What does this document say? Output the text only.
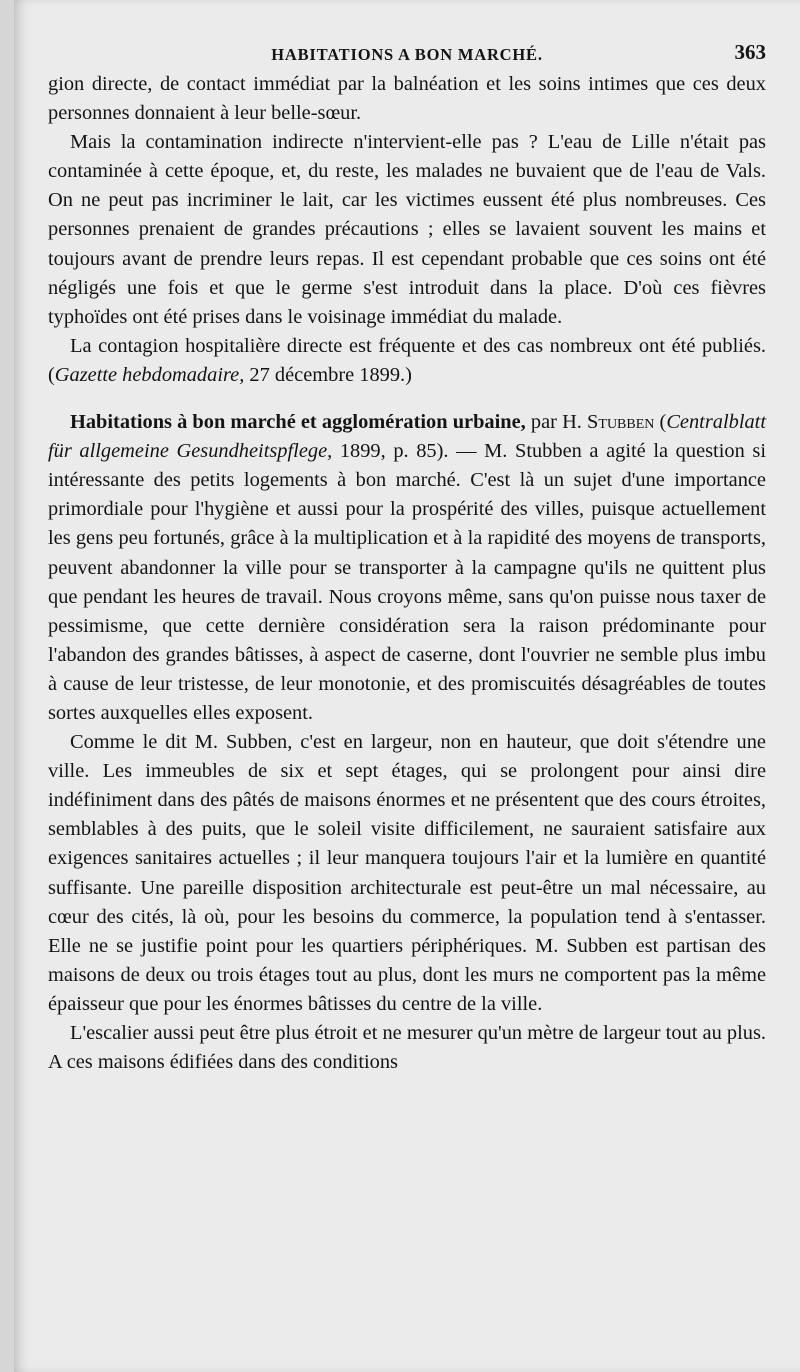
HABITATIONS A BON MARCHÉ.	363

gion directe, de contact immédiat par la balnéation et les soins intimes que ces deux personnes donnaient à leur belle-sœur.

Mais la contamination indirecte n'intervient-elle pas ? L'eau de Lille n'était pas contaminée à cette époque, et, du reste, les malades ne buvaient que de l'eau de Vals. On ne peut pas incriminer le lait, car les victimes eussent été plus nombreuses. Ces personnes prenaient de grandes précautions ; elles se lavaient souvent les mains et toujours avant de prendre leurs repas. Il est cependant probable que ces soins ont été négligés une fois et que le germe s'est introduit dans la place. D'où ces fièvres typhoïdes ont été prises dans le voisinage immédiat du malade.

La contagion hospitalière directe est fréquente et des cas nombreux ont été publiés. (Gazette hebdomadaire, 27 décembre 1899.)

Habitations à bon marché et agglomération urbaine, par H. Stubben (Centralblatt für allgemeine Gesundheitspflege, 1899, p. 85). — M. Stubben a agité la question si intéressante des petits logements à bon marché. C'est là un sujet d'une importance primordiale pour l'hygiène et aussi pour la prospérité des villes, puisque actuellement les gens peu fortunés, grâce à la multiplication et à la rapidité des moyens de transports, peuvent abandonner la ville pour se transporter à la campagne qu'ils ne quittent plus que pendant les heures de travail. Nous croyons même, sans qu'on puisse nous taxer de pessimisme, que cette dernière considération sera la raison prédominante pour l'abandon des grandes bâtisses, à aspect de caserne, dont l'ouvrier ne semble plus imbu à cause de leur tristesse, de leur monotonie, et des promiscuités désagréables de toutes sortes auxquelles elles exposent.

Comme le dit M. Subben, c'est en largeur, non en hauteur, que doit s'étendre une ville. Les immeubles de six et sept étages, qui se prolongent pour ainsi dire indéfiniment dans des pâtés de maisons énormes et ne présentent que des cours étroites, semblables à des puits, que le soleil visite difficilement, ne sauraient satisfaire aux exigences sanitaires actuelles ; il leur manquera toujours l'air et la lumière en quantité suffisante. Une pareille disposition architecturale est peut-être un mal nécessaire, au cœur des cités, là où, pour les besoins du commerce, la population tend à s'entasser. Elle ne se justifie point pour les quartiers périphériques. M. Subben est partisan des maisons de deux ou trois étages tout au plus, dont les murs ne comportent pas la même épaisseur que pour les énormes bâtisses du centre de la ville.

L'escalier aussi peut être plus étroit et ne mesurer qu'un mètre de largeur tout au plus. A ces maisons édifiées dans des conditions
